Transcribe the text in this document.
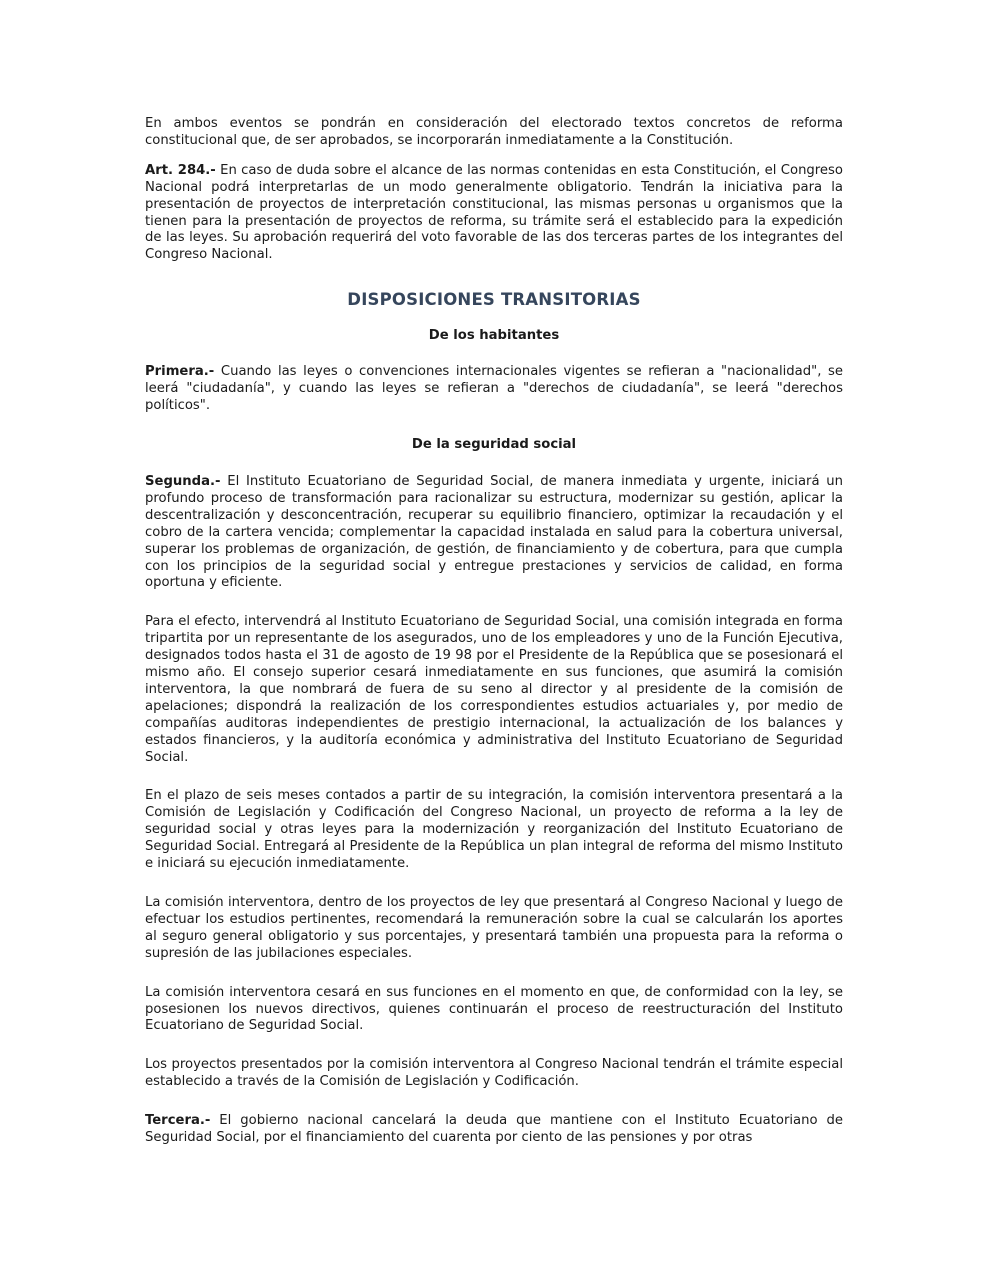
En ambos eventos se pondrán en consideración del electorado textos concretos de reforma constitucional que, de ser aprobados, se incorporarán inmediatamente a la Constitución.

Art. 284.- En caso de duda sobre el alcance de las normas contenidas en esta Constitución, el Congreso Nacional podrá interpretarlas de un modo generalmente obligatorio. Tendrán la iniciativa para la presentación de proyectos de interpretación constitucional, las mismas personas u organismos que la tienen para la presentación de proyectos de reforma, su trámite será el establecido para la expedición de las leyes. Su aprobación requerirá del voto favorable de las dos terceras partes de los integrantes del Congreso Nacional.

DISPOSICIONES TRANSITORIAS
De los habitantes

Primera.- Cuando las leyes o convenciones internacionales vigentes se refieran a "nacionalidad", se leerá "ciudadanía", y cuando las leyes se refieran a "derechos de ciudadanía", se leerá "derechos políticos".

De la seguridad social

Segunda.- El Instituto Ecuatoriano de Seguridad Social, de manera inmediata y urgente, iniciará un profundo proceso de transformación para racionalizar su estructura, modernizar su gestión, aplicar la descentralización y desconcentración, recuperar su equilibrio financiero, optimizar la recaudación y el cobro de la cartera vencida; complementar la capacidad instalada en salud para la cobertura universal, superar los problemas de organización, de gestión, de financiamiento y de cobertura, para que cumpla con los principios de la seguridad social y entregue prestaciones y servicios de calidad, en forma oportuna y eficiente.

Para el efecto, intervendrá al Instituto Ecuatoriano de Seguridad Social, una comisión integrada en forma tripartita por un representante de los asegurados, uno de los empleadores y uno de la Función Ejecutiva, designados todos hasta el 31 de agosto de 19 98 por el Presidente de la República que se posesionará el mismo año. El consejo superior cesará inmediatamente en sus funciones, que asumirá la comisión interventora, la que nombrará de fuera de su seno al director y al presidente de la comisión de apelaciones; dispondrá la realización de los correspondientes estudios actuariales y, por medio de compañías auditoras independientes de prestigio internacional, la actualización de los balances y estados financieros, y la auditoría económica y administrativa del Instituto Ecuatoriano de Seguridad Social.

En el plazo de seis meses contados a partir de su integración, la comisión interventora presentará a la Comisión de Legislación y Codificación del Congreso Nacional, un proyecto de reforma a la ley de seguridad social y otras leyes para la modernización y reorganización del Instituto Ecuatoriano de Seguridad Social. Entregará al Presidente de la República un plan integral de reforma del mismo Instituto e iniciará su ejecución inmediatamente.

La comisión interventora, dentro de los proyectos de ley que presentará al Congreso Nacional y luego de efectuar los estudios pertinentes, recomendará la remuneración sobre la cual se calcularán los aportes al seguro general obligatorio y sus porcentajes, y presentará también una propuesta para la reforma o supresión de las jubilaciones especiales.

La comisión interventora cesará en sus funciones en el momento en que, de conformidad con la ley, se posesionen los nuevos directivos, quienes continuarán el proceso de reestructuración del Instituto Ecuatoriano de Seguridad Social.

Los proyectos presentados por la comisión interventora al Congreso Nacional tendrán el trámite especial establecido a través de la Comisión de Legislación y Codificación.

Tercera.- El gobierno nacional cancelará la deuda que mantiene con el Instituto Ecuatoriano de Seguridad Social, por el financiamiento del cuarenta por ciento de las pensiones y por otras
